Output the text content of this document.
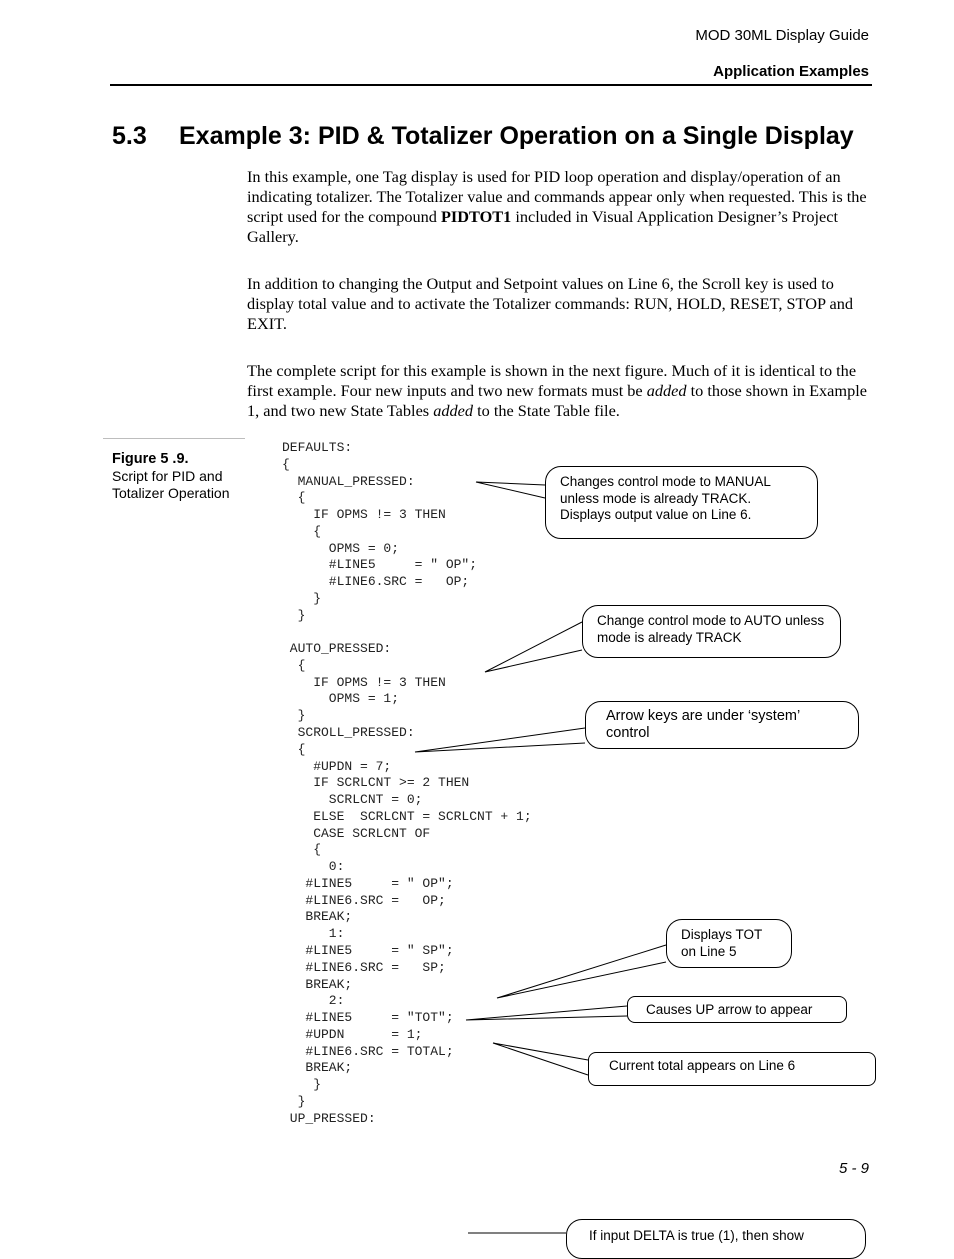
MOD 30ML Display Guide
Application Examples
5.3 Example 3: PID & Totalizer Operation on a Single Display
In this example, one Tag display is used for PID loop operation and display/operation of an indicating totalizer. The Totalizer value and commands appear only when requested. This is the script used for the compound PIDTOT1 included in Visual Application Designer’s Project Gallery.
In addition to changing the Output and Setpoint values on Line 6, the Scroll key is used to display total value and to activate the Totalizer commands: RUN, HOLD, RESET, STOP and EXIT.
The complete script for this example is shown in the next figure. Much of it is identical to the first example. Four new inputs and two new formats must be added to those shown in Example 1, and two new State Tables added to the State Table file.
Figure 5 .9.
Script for PID and Totalizer Operation
DEFAULTS:
{
MANUAL_PRESSED:
{
IF OPMS != 3 THEN
{
OPMS = 0;
#LINE5     = " OP";
#LINE6.SRC =   OP;
}
}

AUTO_PRESSED:
{
IF OPMS != 3 THEN
OPMS = 1;
}
SCROLL_PRESSED:
{
#UPDN = 7;
IF SCRLCNT >= 2 THEN
SCRLCNT = 0;
ELSE  SCRLCNT = SCRLCNT + 1;
CASE SCRLCNT OF
{
0:
#LINE5     = " OP";
#LINE6.SRC =   OP;
BREAK;
1:
#LINE5     = " SP";
#LINE6.SRC =   SP;
BREAK;
2:
#LINE5     = "TOT";
#UPDN      = 1;
#LINE6.SRC = TOTAL;
BREAK;
}
}
UP_PRESSED:
Changes control mode to MANUAL unless mode is already TRACK. Displays output value on Line 6.
Change control mode to AUTO unless mode is already TRACK
Arrow keys are under ‘system’ control
Displays TOT on Line 5
Causes UP arrow to appear
Current total appears on Line 6
5 - 9
If input DELTA is true (1), then show
